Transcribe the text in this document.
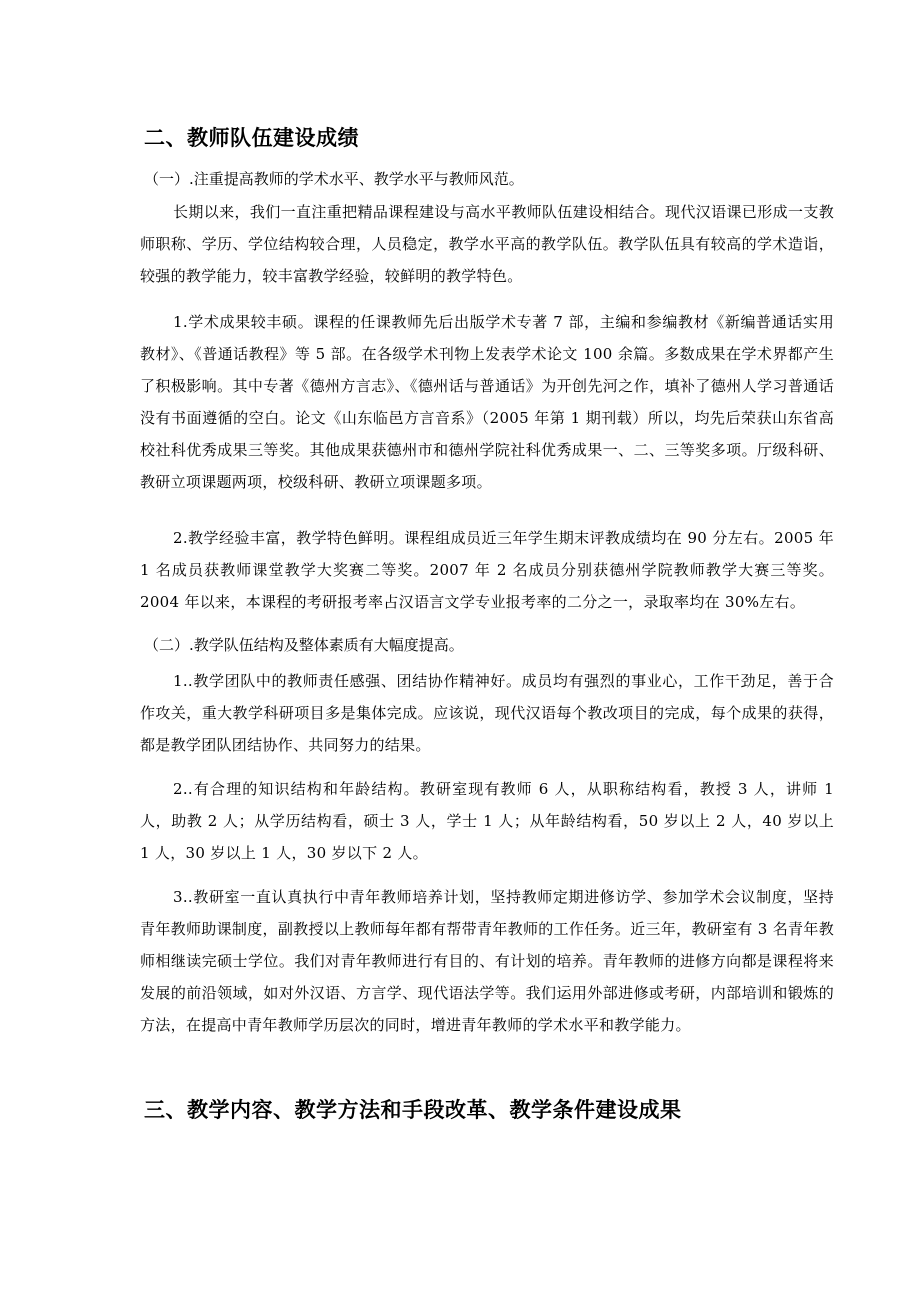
二、教师队伍建设成绩
（一）.注重提高教师的学术水平、教学水平与教师风范。

长期以来，我们一直注重把精品课程建设与高水平教师队伍建设相结合。现代汉语课已形成一支教师职称、学历、学位结构较合理，人员稳定，教学水平高的教学队伍。教学队伍具有较高的学术造诣，较强的教学能力，较丰富教学经验，较鲜明的教学特色。

1.学术成果较丰硕。课程的任课教师先后出版学术专著 7 部，主编和参编教材《新编普通话实用教材》、《普通话教程》等 5 部。在各级学术刊物上发表学术论文 100 余篇。多数成果在学术界都产生了积极影响。其中专著《德州方言志》、《德州话与普通话》为开创先河之作，填补了德州人学习普通话没有书面遵循的空白。论文《山东临邑方言音系》（2005 年第 1 期刊载）所以，均先后荣获山东省高校社科优秀成果三等奖。其他成果获德州市和德州学院社科优秀成果一、二、三等奖多项。厅级科研、教研立项课题两项，校级科研、教研立项课题多项。

2.教学经验丰富，教学特色鲜明。课程组成员近三年学生期末评教成绩均在 90 分左右。2005 年 1 名成员获教师课堂教学大奖赛二等奖。2007 年 2 名成员分别获德州学院教师教学大赛三等奖。2004 年以来，本课程的考研报考率占汉语言文学专业报考率的二分之一，录取率均在 30%左右。

（二）.教学队伍结构及整体素质有大幅度提高。

1..教学团队中的教师责任感强、团结协作精神好。成员均有强烈的事业心，工作干劲足，善于合作攻关，重大教学科研项目多是集体完成。应该说，现代汉语每个教改项目的完成，每个成果的获得，都是教学团队团结协作、共同努力的结果。

2..有合理的知识结构和年龄结构。教研室现有教师 6 人，从职称结构看，教授 3 人，讲师 1 人，助教 2 人；从学历结构看，硕士 3 人，学士 1 人；从年龄结构看，50 岁以上 2 人，40 岁以上 1 人，30 岁以上 1 人，30 岁以下 2 人。

3..教研室一直认真执行中青年教师培养计划，坚持教师定期进修访学、参加学术会议制度，坚持青年教师助课制度，副教授以上教师每年都有帮带青年教师的工作任务。近三年，教研室有 3 名青年教师相继读完硕士学位。我们对青年教师进行有目的、有计划的培养。青年教师的进修方向都是课程将来发展的前沿领域，如对外汉语、方言学、现代语法学等。我们运用外部进修或考研，内部培训和锻炼的方法，在提高中青年教师学历层次的同时，增进青年教师的学术水平和教学能力。

三、教学内容、教学方法和手段改革、教学条件建设成果
